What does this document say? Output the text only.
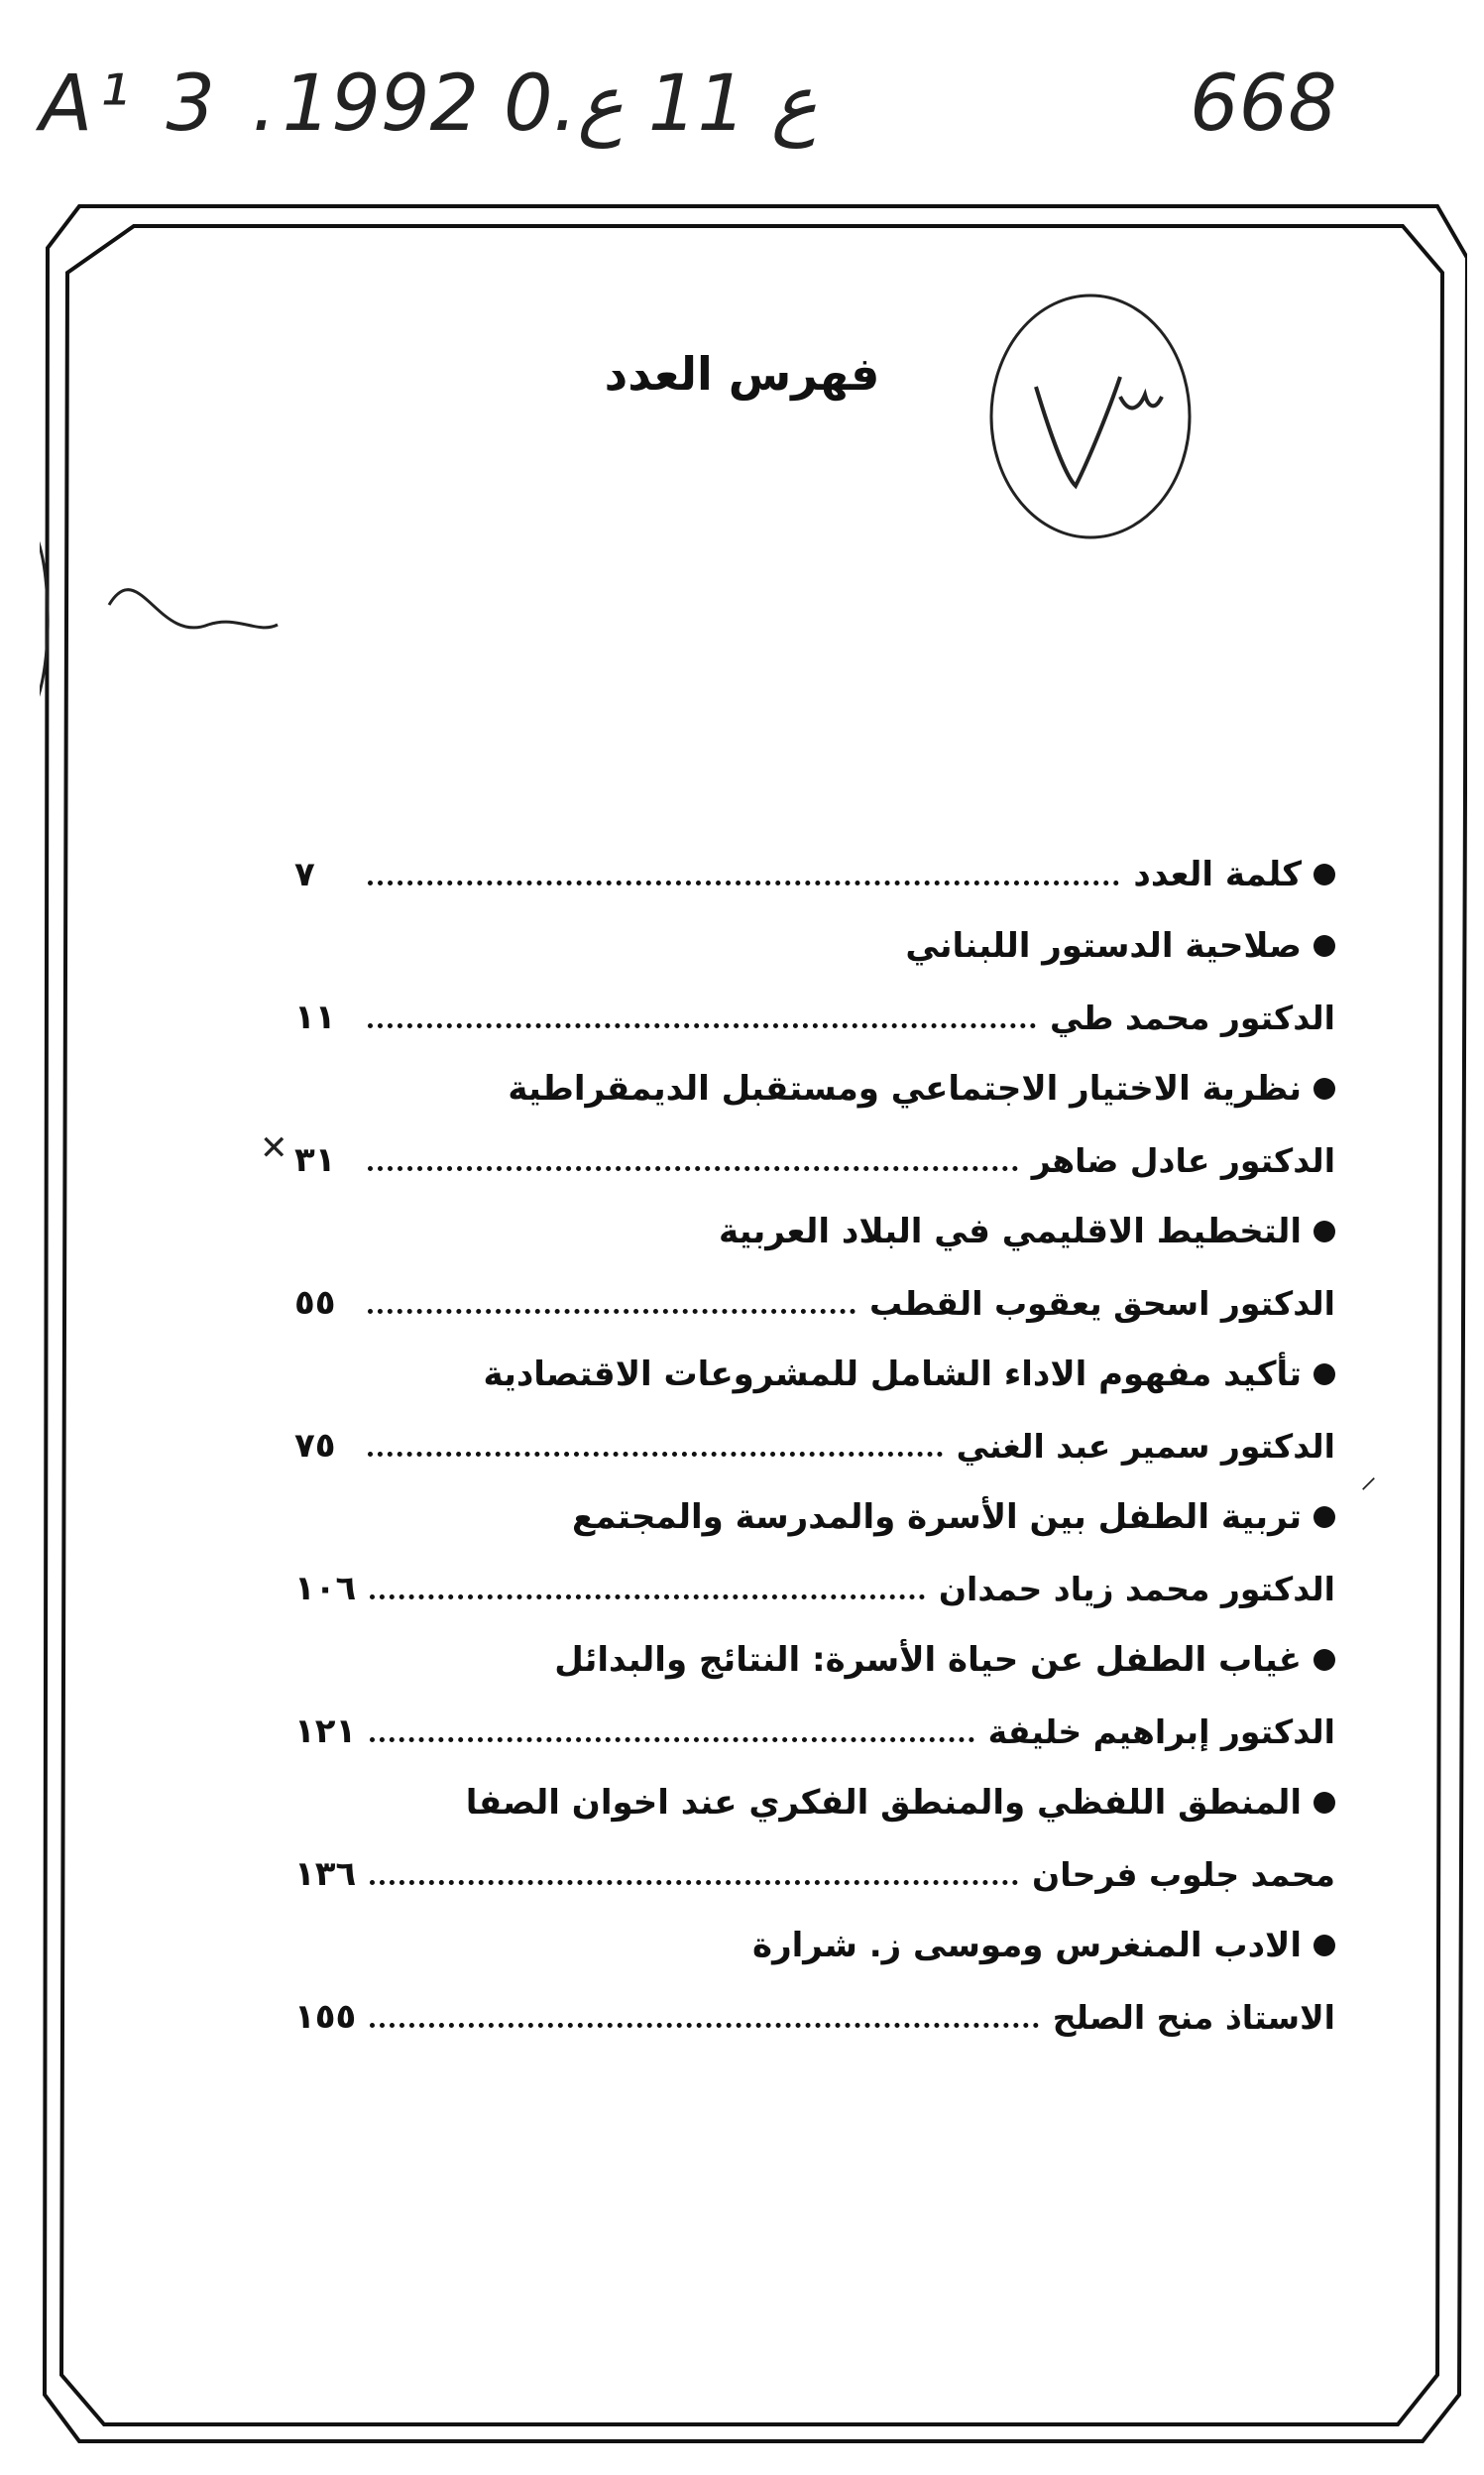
A¹ 3 .ع 11 ع.0 1992	668
فهرس العدد
كلمة العدد
٧
صلاحية الدستور اللبناني
الدكتور محمد طي
١١
نظرية الاختيار الاجتماعي ومستقبل الديمقراطية
الدكتور عادل ضاهر
٣١
التخطيط الاقليمي في البلاد العربية
الدكتور اسحق يعقوب القطب
٥٥
تأكيد مفهوم الاداء الشامل للمشروعات الاقتصادية
الدكتور سمير عبد الغني
٧٥
تربية الطفل بين الأسرة والمدرسة والمجتمع
الدكتور محمد زياد حمدان
١٠٦
غياب الطفل عن حياة الأسرة: النتائج والبدائل
الدكتور إبراهيم خليفة
١٢١
المنطق اللفظي والمنطق الفكري عند اخوان الصفا
محمد جلوب فرحان
١٣٦
الادب المنغرس وموسى ز. شرارة
الاستاذ منح الصلح
١٥٥
✕
⸝
